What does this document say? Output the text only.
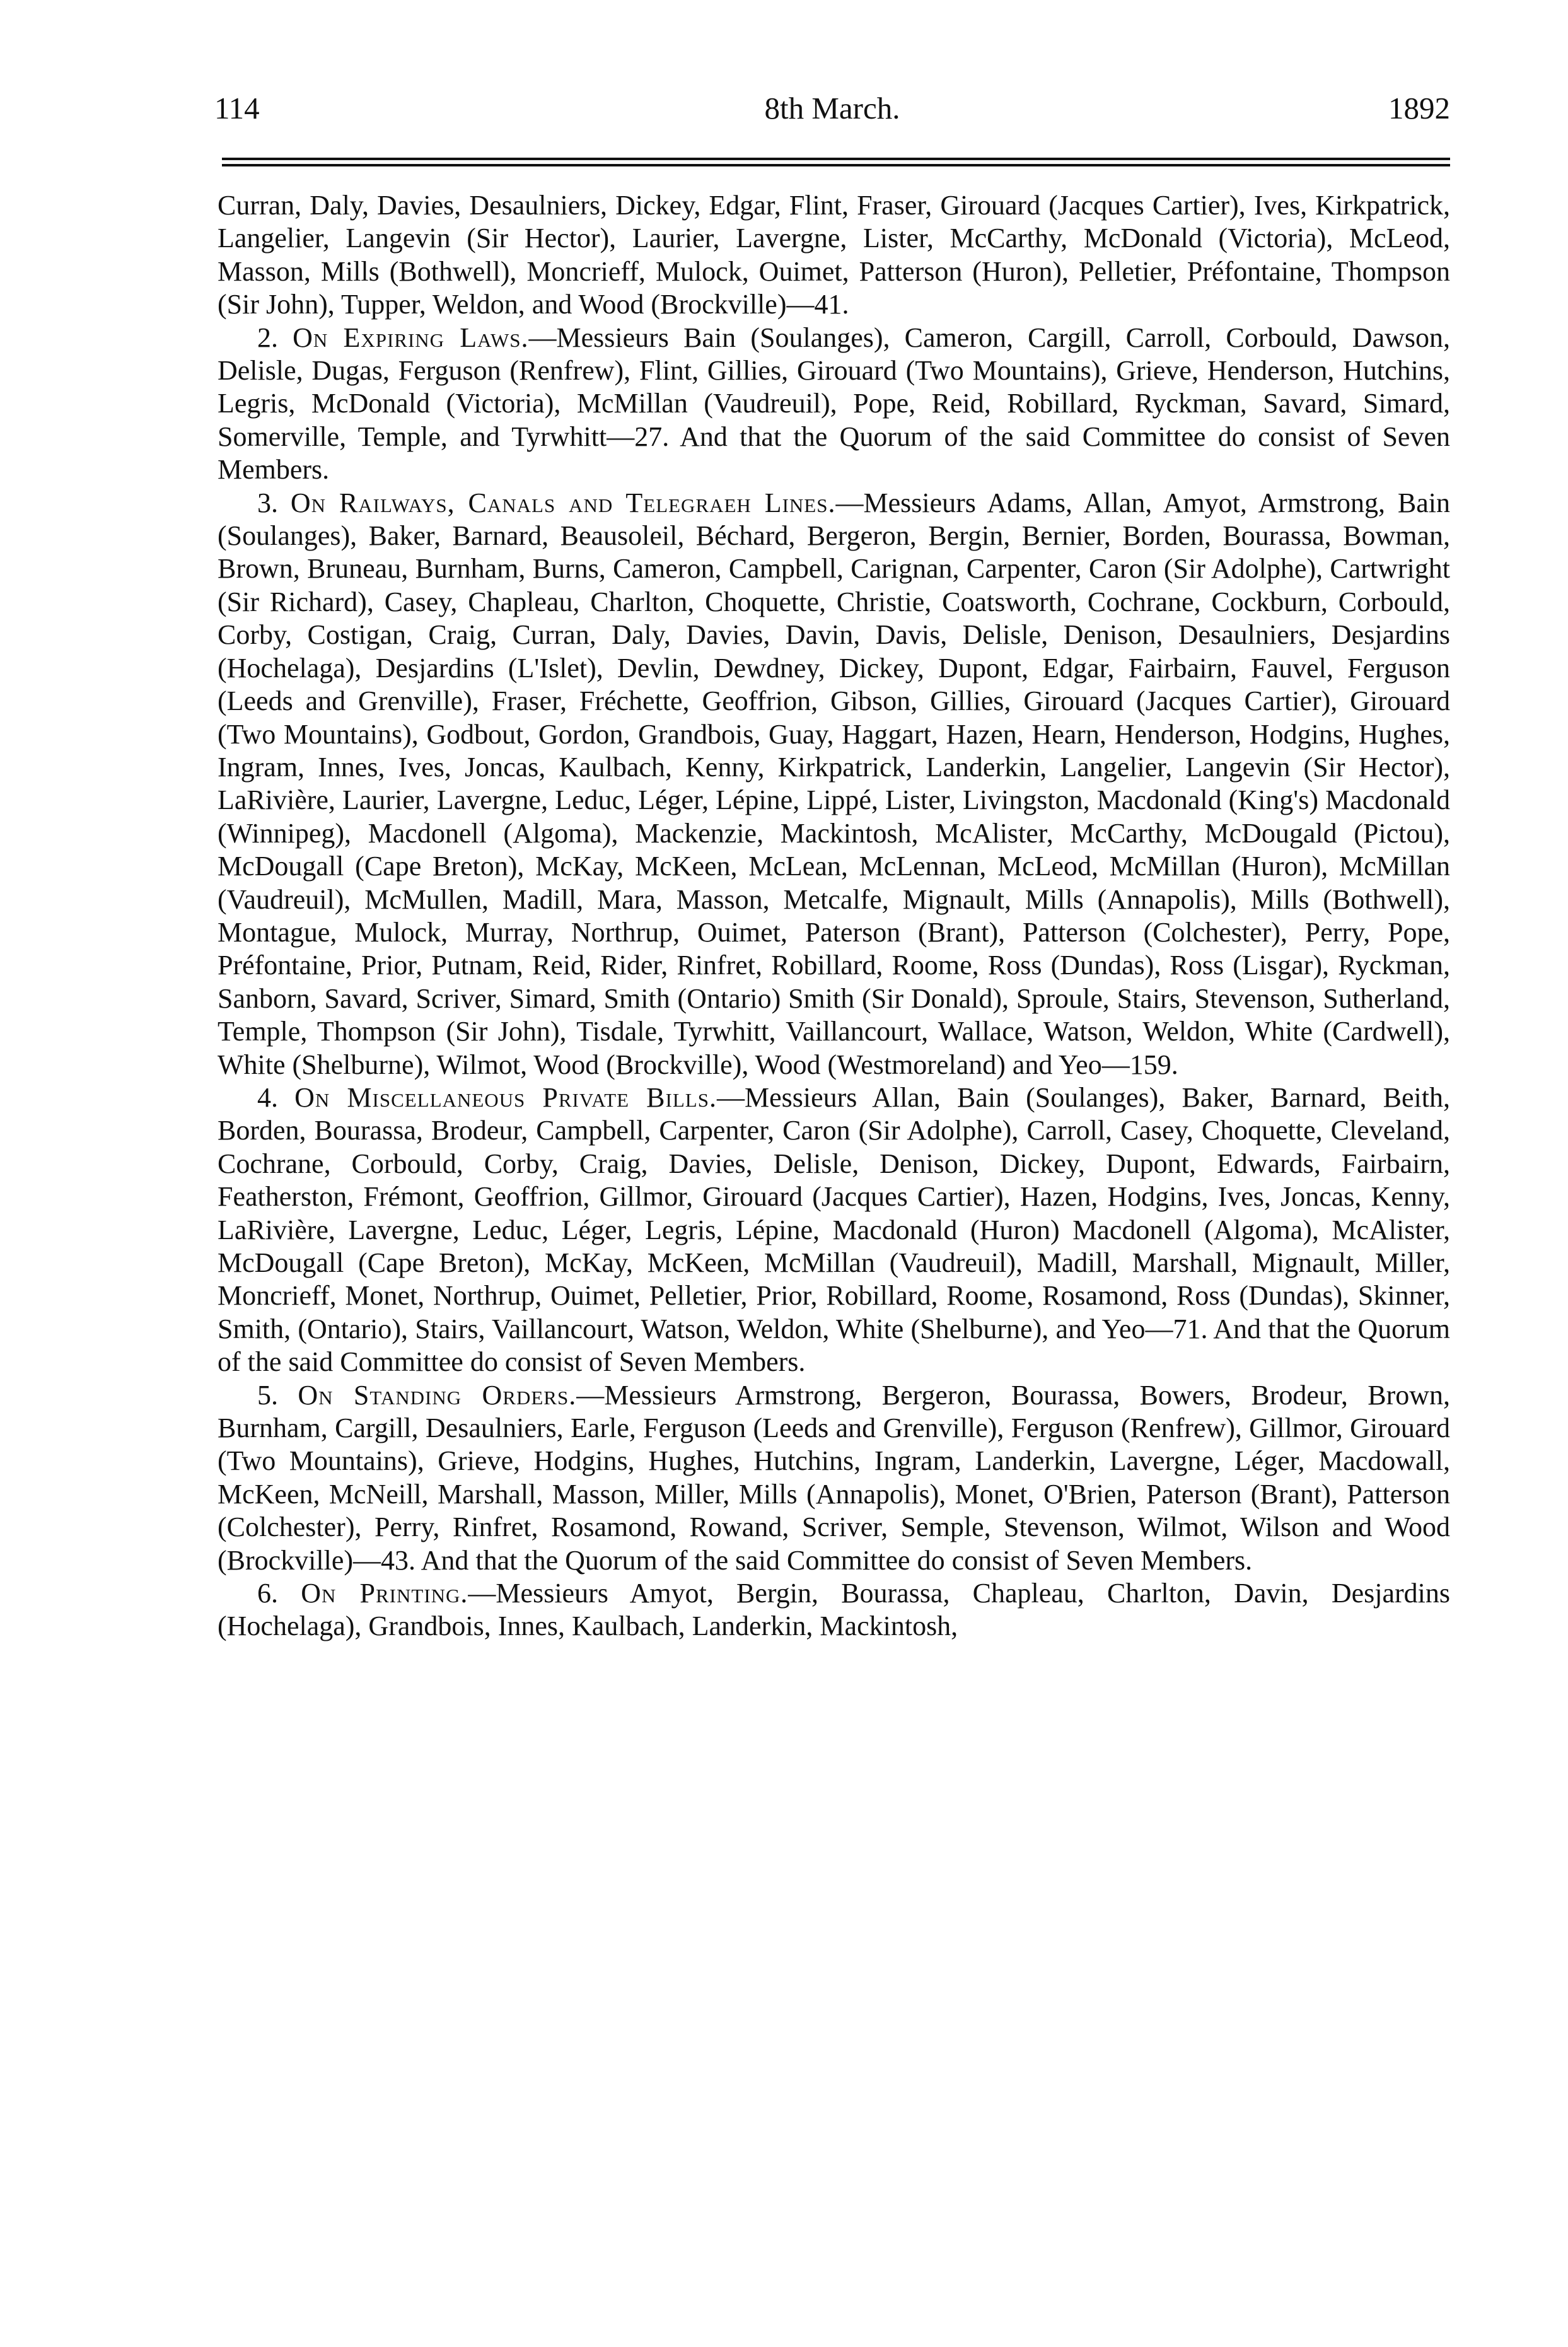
114	8th March.	1892

Curran, Daly, Davies, Desaulniers, Dickey, Edgar, Flint, Fraser, Girouard (Jacques Cartier), Ives, Kirkpatrick, Langelier, Langevin (Sir Hector), Laurier, Lavergne, Lister, McCarthy, McDonald (Victoria), McLeod, Masson, Mills (Bothwell), Moncrieff, Mulock, Ouimet, Patterson (Huron), Pelletier, Préfontaine, Thompson (Sir John), Tupper, Weldon, and Wood (Brockville)—41.

2. On Expiring Laws.—Messieurs Bain (Soulanges), Cameron, Cargill, Carroll, Corbould, Dawson, Delisle, Dugas, Ferguson (Renfrew), Flint, Gillies, Girouard (Two Mountains), Grieve, Henderson, Hutchins, Legris, McDonald (Victoria), McMillan (Vaudreuil), Pope, Reid, Robillard, Ryckman, Savard, Simard, Somerville, Temple, and Tyrwhitt—27. And that the Quorum of the said Committee do consist of Seven Members.

3. On Railways, Canals and Telegraeh Lines.—Messieurs Adams, Allan, Amyot, Armstrong, Bain (Soulanges), Baker, Barnard, Beausoleil, Béchard, Bergeron, Bergin, Bernier, Borden, Bourassa, Bowman, Brown, Bruneau, Burnham, Burns, Cameron, Campbell, Carignan, Carpenter, Caron (Sir Adolphe), Cartwright (Sir Richard), Casey, Chapleau, Charlton, Choquette, Christie, Coatsworth, Cochrane, Cockburn, Corbould, Corby, Costigan, Craig, Curran, Daly, Davies, Davin, Davis, Delisle, Denison, Desaulniers, Desjardins (Hochelaga), Desjardins (L'Islet), Devlin, Dewdney, Dickey, Dupont, Edgar, Fairbairn, Fauvel, Ferguson (Leeds and Grenville), Fraser, Fréchette, Geoffrion, Gibson, Gillies, Girouard (Jacques Cartier), Girouard (Two Mountains), Godbout, Gordon, Grandbois, Guay, Haggart, Hazen, Hearn, Henderson, Hodgins, Hughes, Ingram, Innes, Ives, Joncas, Kaulbach, Kenny, Kirkpatrick, Landerkin, Langelier, Langevin (Sir Hector), LaRivière, Laurier, Lavergne, Leduc, Léger, Lépine, Lippé, Lister, Livingston, Macdonald (King's) Macdonald (Winnipeg), Macdonell (Algoma), Mackenzie, Mackintosh, McAlister, McCarthy, McDougald (Pictou), McDougall (Cape Breton), McKay, McKeen, McLean, McLennan, McLeod, McMillan (Huron), McMillan (Vaudreuil), McMullen, Madill, Mara, Masson, Metcalfe, Mignault, Mills (Annapolis), Mills (Bothwell), Montague, Mulock, Murray, Northrup, Ouimet, Paterson (Brant), Patterson (Colchester), Perry, Pope, Préfontaine, Prior, Putnam, Reid, Rider, Rinfret, Robillard, Roome, Ross (Dundas), Ross (Lisgar), Ryckman, Sanborn, Savard, Scriver, Simard, Smith (Ontario) Smith (Sir Donald), Sproule, Stairs, Stevenson, Sutherland, Temple, Thompson (Sir John), Tisdale, Tyrwhitt, Vaillancourt, Wallace, Watson, Weldon, White (Cardwell), White (Shelburne), Wilmot, Wood (Brockville), Wood (Westmoreland) and Yeo—159.

4. On Miscellaneous Private Bills.—Messieurs Allan, Bain (Soulanges), Baker, Barnard, Beith, Borden, Bourassa, Brodeur, Campbell, Carpenter, Caron (Sir Adolphe), Carroll, Casey, Choquette, Cleveland, Cochrane, Corbould, Corby, Craig, Davies, Delisle, Denison, Dickey, Dupont, Edwards, Fairbairn, Featherston, Frémont, Geoffrion, Gillmor, Girouard (Jacques Cartier), Hazen, Hodgins, Ives, Joncas, Kenny, LaRivière, Lavergne, Leduc, Léger, Legris, Lépine, Macdonald (Huron) Macdonell (Algoma), McAlister, McDougall (Cape Breton), McKay, McKeen, McMillan (Vaudreuil), Madill, Marshall, Mignault, Miller, Moncrieff, Monet, Northrup, Ouimet, Pelletier, Prior, Robillard, Roome, Rosamond, Ross (Dundas), Skinner, Smith, (Ontario), Stairs, Vaillancourt, Watson, Weldon, White (Shelburne), and Yeo—71. And that the Quorum of the said Committee do consist of Seven Members.

5. On Standing Orders.—Messieurs Armstrong, Bergeron, Bourassa, Bowers, Brodeur, Brown, Burnham, Cargill, Desaulniers, Earle, Ferguson (Leeds and Grenville), Ferguson (Renfrew), Gillmor, Girouard (Two Mountains), Grieve, Hodgins, Hughes, Hutchins, Ingram, Landerkin, Lavergne, Léger, Macdowall, McKeen, McNeill, Marshall, Masson, Miller, Mills (Annapolis), Monet, O'Brien, Paterson (Brant), Patterson (Colchester), Perry, Rinfret, Rosamond, Rowand, Scriver, Semple, Stevenson, Wilmot, Wilson and Wood (Brockville)—43. And that the Quorum of the said Committee do consist of Seven Members.

6. On Printing.—Messieurs Amyot, Bergin, Bourassa, Chapleau, Charlton, Davin, Desjardins (Hochelaga), Grandbois, Innes, Kaulbach, Landerkin, Mackintosh,
